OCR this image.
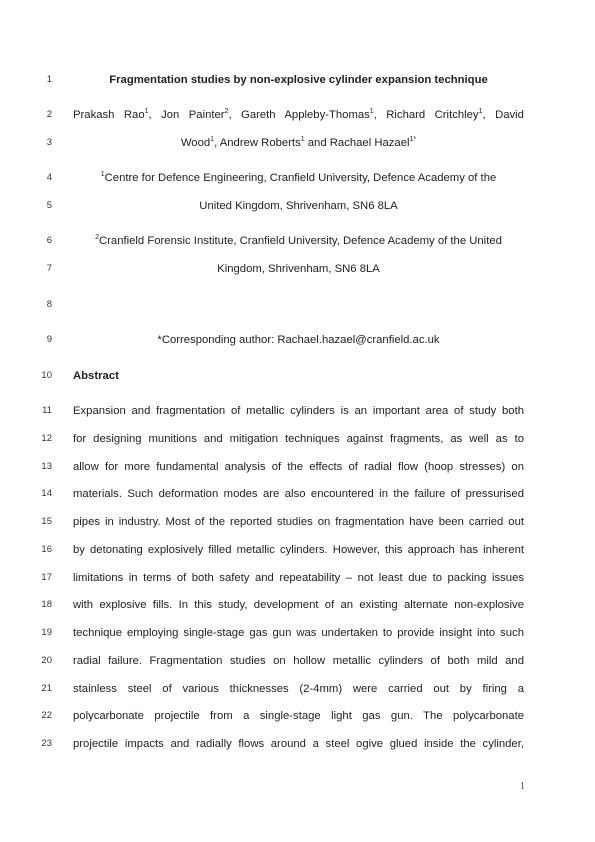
1	Fragmentation studies by non-explosive cylinder expansion technique
2 Prakash Rao$^1$, Jon Painter$^2$, Gareth Appleby-Thomas$^1$, Richard Critchley$^1$, David
3	Wood$^1$, Andrew Roberts$^1$ and Rachael Hazael$^{1*}$
4	$^1$Centre for Defence Engineering, Cranfield University, Defence Academy of the
5	United Kingdom, Shrivenham, SN6 8LA
6	$^2$Cranfield Forensic Institute, Cranfield University, Defence Academy of the United
7	Kingdom, Shrivenham, SN6 8LA
8
9	*Corresponding author: Rachael.hazael@cranfield.ac.uk
10 Abstract
11 Expansion and fragmentation of metallic cylinders is an important area of study both
12 for designing munitions and mitigation techniques against fragments, as well as to
13 allow for more fundamental analysis of the effects of radial flow (hoop stresses) on
14 materials. Such deformation modes are also encountered in the failure of pressurised
15 pipes in industry. Most of the reported studies on fragmentation have been carried out
16 by detonating explosively filled metallic cylinders. However, this approach has inherent
17 limitations in terms of both safety and repeatability – not least due to packing issues
18 with explosive fills. In this study, development of an existing alternate non-explosive
19 technique employing single-stage gas gun was undertaken to provide insight into such
20 radial failure. Fragmentation studies on hollow metallic cylinders of both mild and
21 stainless steel of various thicknesses (2-4mm) were carried out by firing a
22 polycarbonate projectile from a single-stage light gas gun. The polycarbonate
23 projectile impacts and radially flows around a steel ogive glued inside the cylinder,
1
